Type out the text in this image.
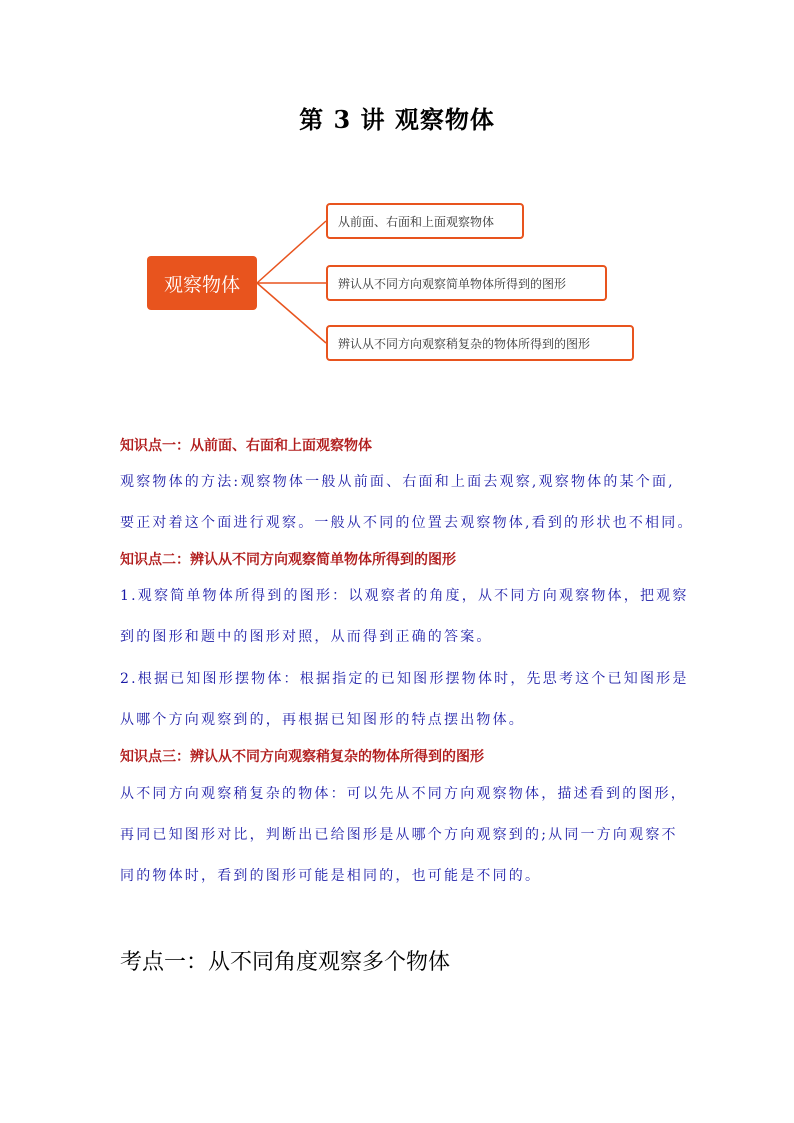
第 3 讲 观察物体
观察物体
从前面、右面和上面观察物体
辨认从不同方向观察简单物体所得到的图形
辨认从不同方向观察稍复杂的物体所得到的图形
知识点一：从前面、右面和上面观察物体
观察物体的方法:观察物体一般从前面、右面和上面去观察,观察物体的某个面,
要正对着这个面进行观察。一般从不同的位置去观察物体,看到的形状也不相同。
知识点二：辨认从不同方向观察简单物体所得到的图形
1.观察简单物体所得到的图形：以观察者的角度，从不同方向观察物体，把观察
到的图形和题中的图形对照，从而得到正确的答案。
2.根据已知图形摆物体：根据指定的已知图形摆物体时，先思考这个已知图形是
从哪个方向观察到的，再根据已知图形的特点摆出物体。
知识点三：辨认从不同方向观察稍复杂的物体所得到的图形
从不同方向观察稍复杂的物体：可以先从不同方向观察物体，描述看到的图形，
再同已知图形对比，判断出已给图形是从哪个方向观察到的;从同一方向观察不
同的物体时，看到的图形可能是相同的，也可能是不同的。
考点一：从不同角度观察多个物体
